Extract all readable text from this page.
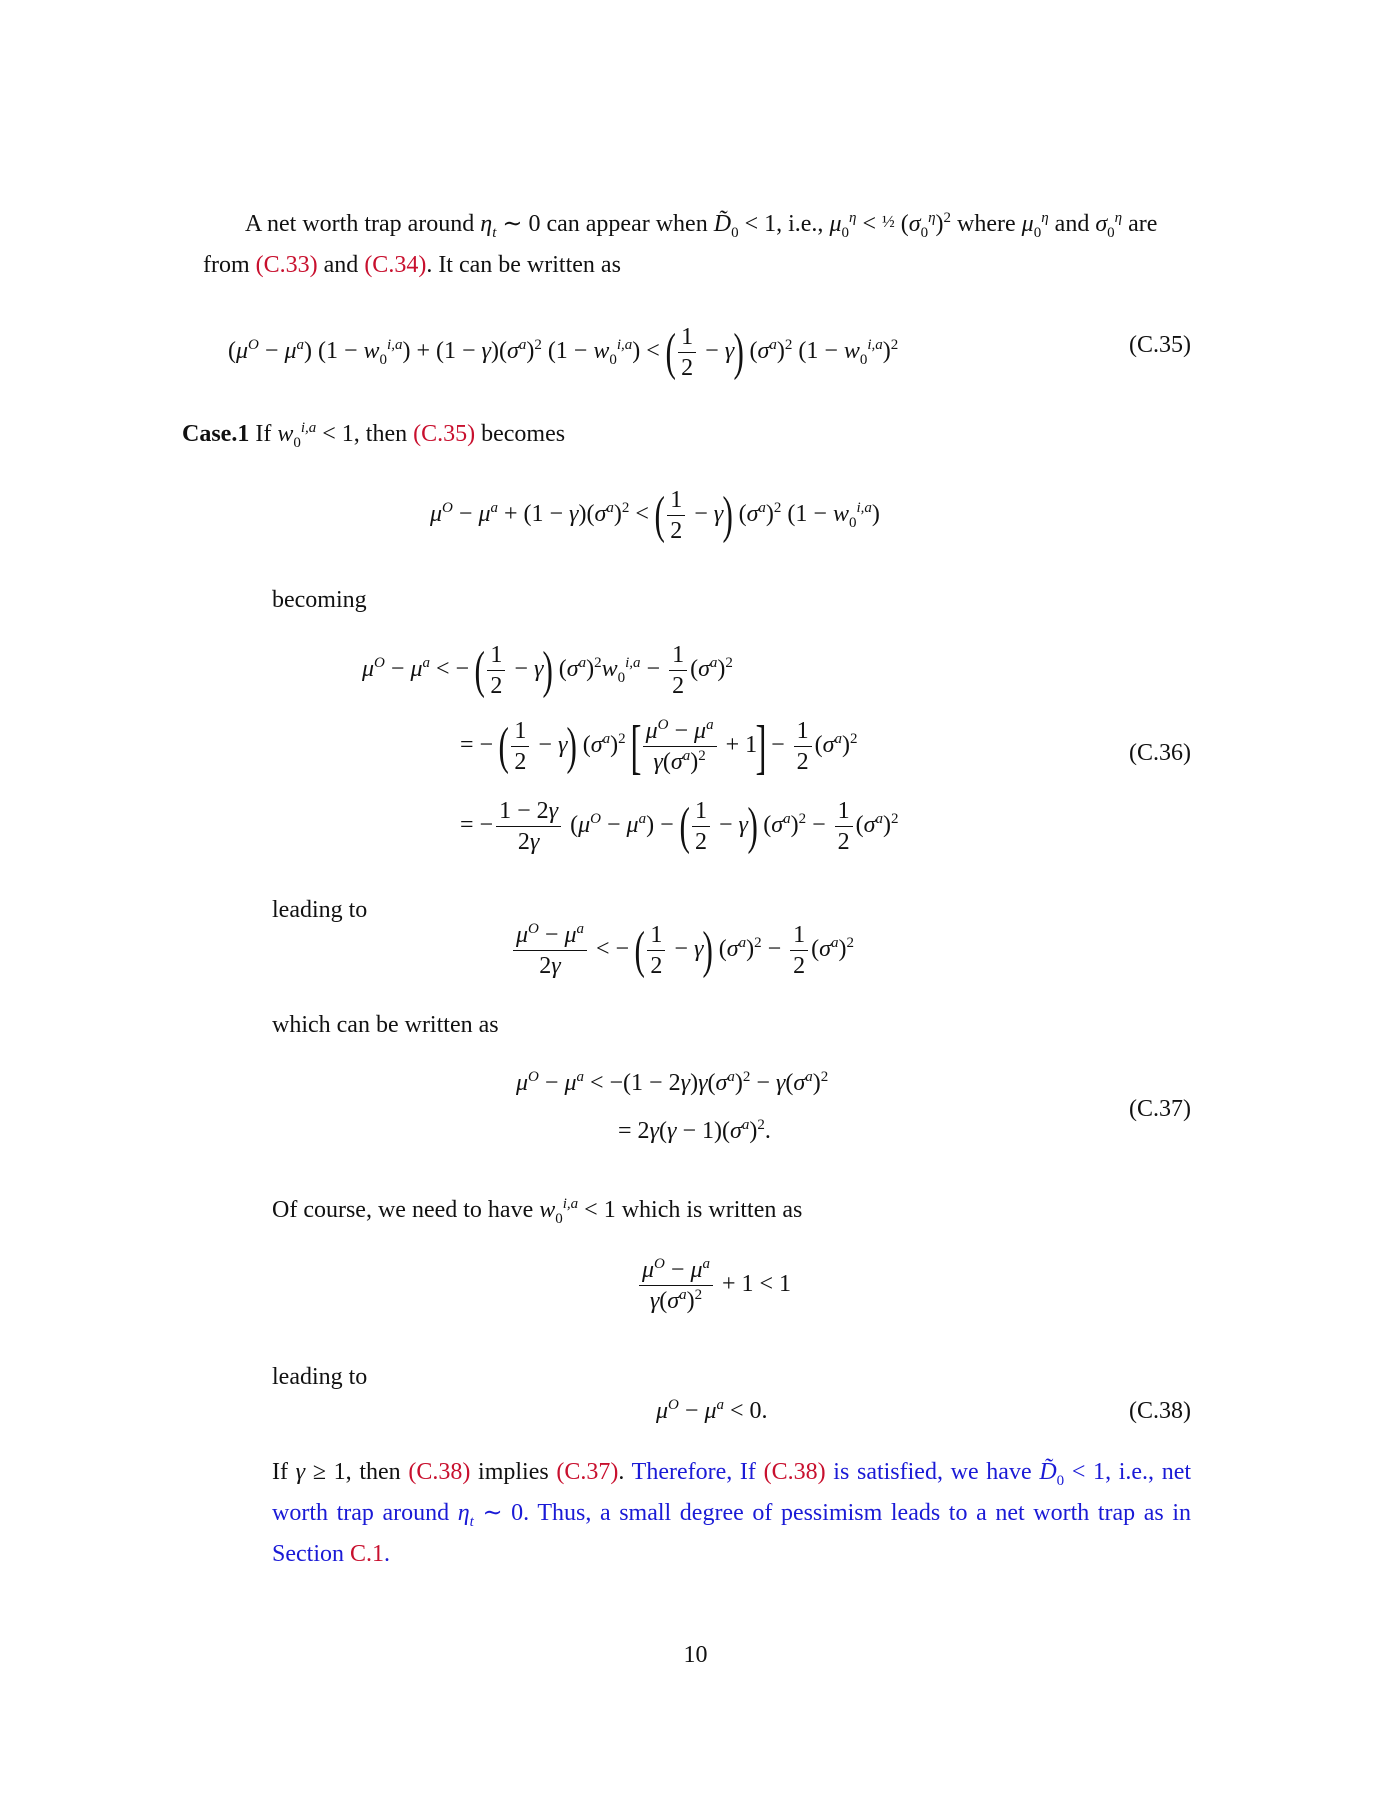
A net worth trap around $\eta_t$ ∼ 0 can appear when $D̃_0 < 1$, i.e., $\mu_0^\eta$ < ½ $(\sigma_0^\eta)^2$ where $\mu_0^\eta$ and $\sigma_0^\eta$ are from (C.33) and (C.34). It can be written as
$(\mu^O - \mu^a) (1 - w_0^{i,a}) + (1 - \gamma)(\sigma^a)^2$ $(1 - w_0^{i,a})$ < ( $\frac{1}{2} - \gamma$) $(\sigma^a)^2$ $(1 - w_0^{i,a})^2$	(C.35)
Case.1 If $w_0^{i,a} < 1$, then (C.35) becomes
$\mu^O - \mu^a + (1 - \gamma)(\sigma^a)^2$ < ( $\frac{1}{2} - \gamma$) $(\sigma^a)^2$ $(1 - w_0^{i,a})$
becoming
$\mu^O - \mu^a$ < − ( $\frac{1}{2} - \gamma$) $(\sigma^a)^2w_0^{i,a} - \frac{1}{2} (\sigma^a)^2$
= − ( $\frac{1}{2} - \gamma$) $(\sigma^a)^2$ [ $\frac{\mu^O - \mu^a}{\gamma(\sigma^a)^2} + 1] - \frac{1}{2} (\sigma^a)^2$
(C.36)
= − $\frac{1 - 2\gamma}{2\gamma} (\mu^O - \mu^a)$ − ( $\frac{1}{2} - \gamma$) $(\sigma^a)^2 - \frac{1}{2} (\sigma^a)^2$
leading to
$\frac{\mu^O - \mu^a}{2\gamma}$ < − ( $\frac{1}{2} - \gamma$) $(\sigma^a)^2 - \frac{1}{2} (\sigma^a)^2$
which can be written as
$\mu^O - \mu^a < -(1 - 2\gamma)\gamma(\sigma^a)^2 - \gamma(\sigma^a)^2$
= $2\gamma(\gamma - 1)(\sigma^a)^2$.
(C.37)
Of course, we need to have $w_0^{i,a} < 1$ which is written as
$\frac{\mu^O - \mu^a}{\gamma(\sigma^a)^2} + 1 < 1$
leading to
$\mu^O - \mu^a < 0$.	(C.38)
If γ ≥ 1, then (C.38) implies (C.37). Therefore, If (C.38) is satisfied, we have $D̃_0 < 1$, i.e., net worth trap around $\eta_t$ ∼ 0. Thus, a small degree of pessimism leads to a net worth trap as in Section C.1.
10
